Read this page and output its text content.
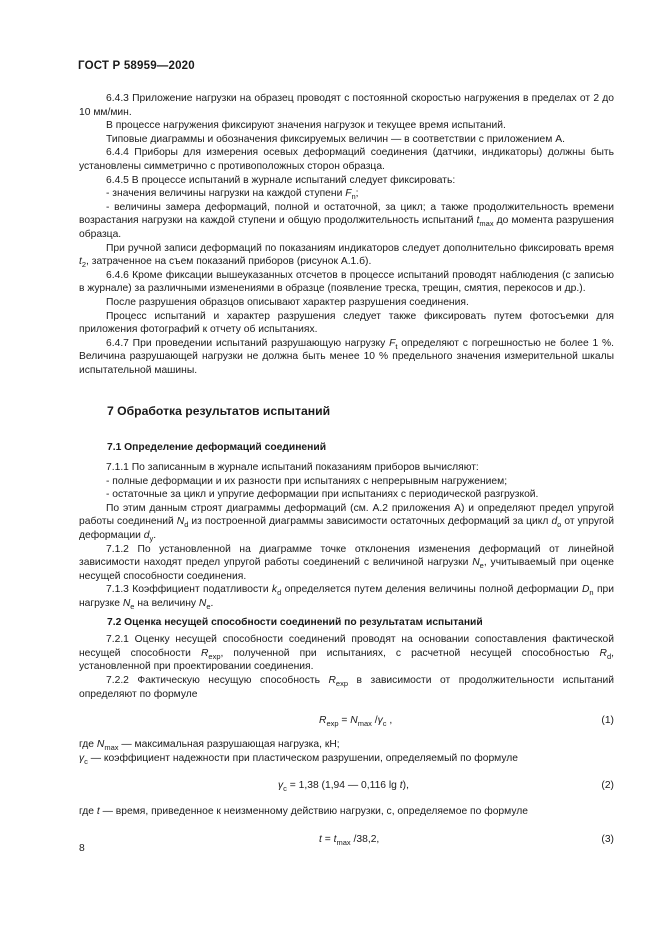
ГОСТ Р 58959—2020

6.4.3 Приложение нагрузки на образец проводят с постоянной скоростью нагружения в пределах от 2 до 10 мм/мин.

В процессе нагружения фиксируют значения нагрузок и текущее время испытаний.

Типовые диаграммы и обозначения фиксируемых величин — в соответствии с приложением А.

6.4.4 Приборы для измерения осевых деформаций соединения (датчики, индикаторы) должны быть установлены симметрично с противоположных сторон образца.

6.4.5 В процессе испытаний в журнале испытаний следует фиксировать:

- значения величины нагрузки на каждой ступени $F_n$;

- величины замера деформаций, полной и остаточной, за цикл; а также продолжительность времени возрастания нагрузки на каждой ступени и общую продолжительность испытаний $t_{max}$ до момента разрушения образца.

При ручной записи деформаций по показаниям индикаторов следует дополнительно фиксировать время $t_2$, затраченное на съем показаний приборов (рисунок А.1.б).

6.4.6 Кроме фиксации вышеуказанных отсчетов в процессе испытаний проводят наблюдения (с записью в журнале) за различными изменениями в образце (появление треска, трещин, смятия, перекосов и др.).

После разрушения образцов описывают характер разрушения соединения.

Процесс испытаний и характер разрушения следует также фиксировать путем фотосъемки для приложения фотографий к отчету об испытаниях.

6.4.7 При проведении испытаний разрушающую нагрузку $F_t$ определяют с погрешностью не более 1 %. Величина разрушающей нагрузки не должна быть менее 10 % предельного значения измерительной шкалы испытательной машины.

7 Обработка результатов испытаний
7.1 Определение деформаций соединений

7.1.1 По записанным в журнале испытаний показаниям приборов вычисляют:

- полные деформации и их разности при испытаниях с непрерывным нагружением;

- остаточные за цикл и упругие деформации при испытаниях с периодической разгрузкой.

По этим данным строят диаграммы деформаций (см. А.2 приложения А) и определяют предел упругой работы соединений $N_d$ из построенной диаграммы зависимости остаточных деформаций за цикл $d_o$ от упругой деформации $d_y$.

7.1.2 По установленной на диаграмме точке отклонения изменения деформаций от линейной зависимости находят предел упругой работы соединений с величиной нагрузки $N_e$, учитываемый при оценке несущей способности соединения.

7.1.3 Коэффициент податливости $k_d$ определяется путем деления величины полной деформации $D_n$ при нагрузке $N_e$ на величину $N_e$.

7.2 Оценка несущей способности соединений по результатам испытаний

7.2.1 Оценку несущей способности соединений проводят на основании сопоставления фактической несущей способности $R_{exp}$, полученной при испытаниях, с расчетной несущей способностью $R_d$, установленной при проектировании соединения.

7.2.2 Фактическую несущую способность $R_{exp}$ в зависимости от продолжительности испытаний определяют по формуле

$R_{exp} = N_{max}$ $/\gamma_c$ ,	(1)

где $N_{max}$ — максимальная разрушающая нагрузка, кН;

$\gamma_c$ — коэффициент надежности при пластическом разрушении, определяемый по формуле

$\gamma_c = 1,38$ (1,94 — 0,116 lg t),	(2)

где t — время, приведенное к неизменному действию нагрузки, с, определяемое по формуле

$t = t_{max}$ /38,2,	(3)
8
